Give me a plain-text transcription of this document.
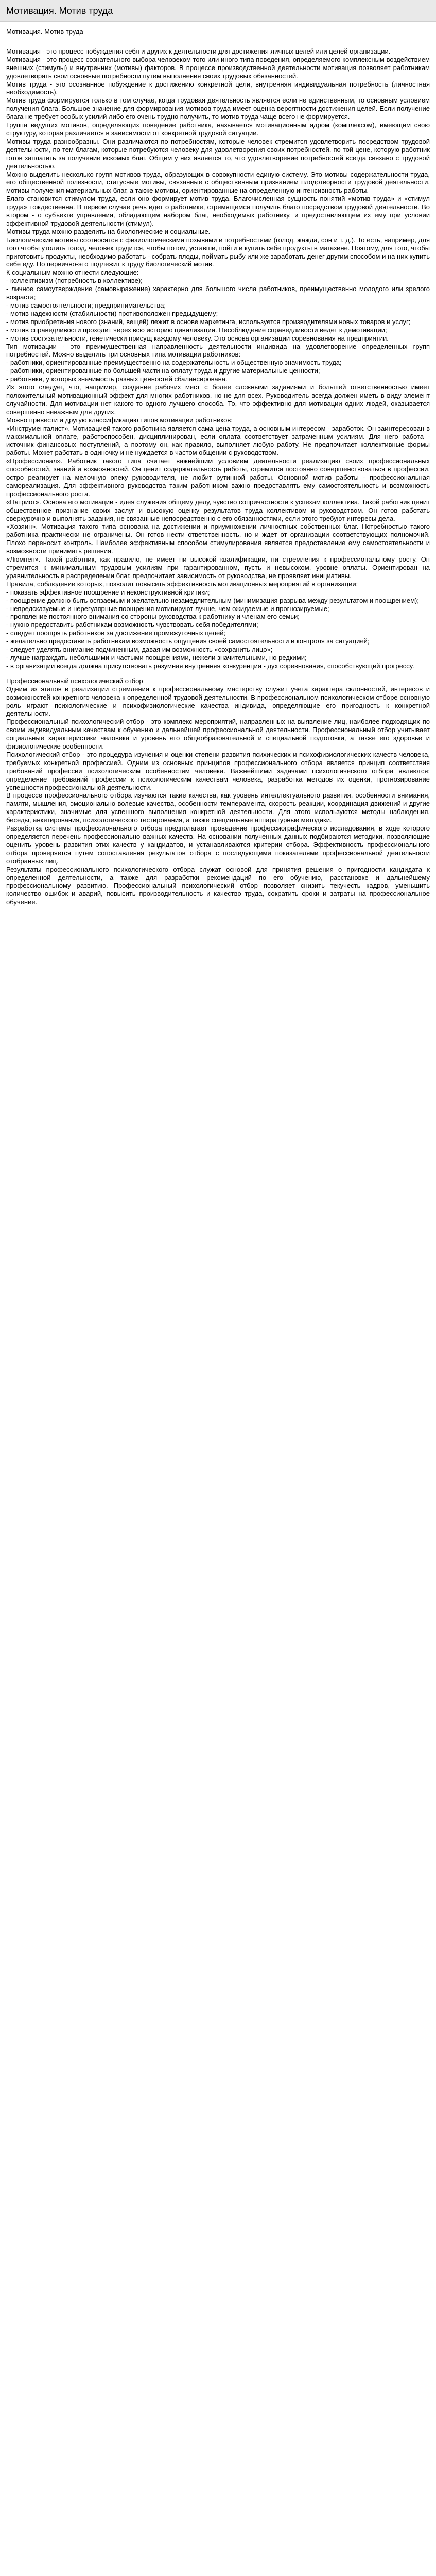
Мотивация. Мотив труда
Мотивация. Мотив труда

Мотивация - это процесс побуждения себя и других к деятельности для достижения личных целей или целей организации.

Мотивация - это процесс сознательного выбора человеком того или иного типа поведения, определяемого комплексным воздействием внешних (стимулы) и внутренних (мотивы) факторов. В процессе производственной деятельности мотивация позволяет работникам удовлетворять свои основные потребности путем выполнения своих трудовых обязанностей.

Мотив труда - это осознанное побуждение к достижению конкретной цели, внутренняя индивидуальная потребность (личностная необходимость).

Мотив труда формируется только в том случае, когда трудовая деятельность является если не единственным, то основным условием получения блага. Большое значение для формирования мотивов труда имеет оценка вероятности достижения целей. Если получение блага не требует особых усилий либо его очень трудно получить, то мотив труда чаще всего не формируется.

Группа ведущих мотивов, определяющих поведение работника, называется мотивационным ядром (комплексом), имеющим свою структуру, которая различается в зависимости от конкретной трудовой ситуации.

Мотивы труда разнообразны. Они различаются по потребностям, которые человек стремится удовлетворить посредством трудовой деятельности, по тем благам, которые потребуются человеку для удовлетворения своих потребностей, по той цене, которую работник готов заплатить за получение искомых благ. Общим у них является то, что удовлетворение потребностей всегда связано с трудовой деятельностью.

Можно выделить несколько групп мотивов труда, образующих в совокупности единую систему. Это мотивы содержательности труда, его общественной полезности, статусные мотивы, связанные с общественным признанием плодотворности трудовой деятельности, мотивы получения материальных благ, а также мотивы, ориентированные на определенную интенсивность работы.

Благо становится стимулом труда, если оно формирует мотив труда. Благочисленная сущность понятий «мотив труда» и «стимул труда» тождественна. В первом случае речь идет о работнике, стремящемся получить благо посредством трудовой деятельности. Во втором - о субъекте управления, обладающем набором благ, необходимых работнику, и предоставляющем их ему при условии эффективной трудовой деятельности (стимул).

Мотивы труда можно разделить на биологические и социальные.

Биологические мотивы соотносятся с физиологическими позывами и потребностями (голод, жажда, сон и т. д.). То есть, например, для того чтобы утолить голод, человек трудится, чтобы потом, уставши, пойти и купить себе продукты в магазине. Поэтому, для того, чтобы приготовить продукты, необходимо работать - собрать плоды, поймать рыбу или же заработать денег другим способом и на них купить себе еду. Но первично-это подлежит к труду биологический мотив.

К социальным можно отнести следующие:

- коллективизм (потребность в коллективе);

- личное самоутверждение (самовыражение) характерно для большого числа работников, преимущественно молодого или зрелого возраста;

- мотив самостоятельности; предпринимательства;

- мотив надежности (стабильности) противоположен предыдущему;

- мотив приобретения нового (знаний, вещей) лежит в основе маркетинга, используется производителями новых товаров и услуг;

- мотив справедливости проходит через всю историю цивилизации. Несоблюдение справедливости ведет к демотивации;

- мотив состязательности, генетически присущ каждому человеку. Это основа организации соревнования на предприятии.

Тип мотивации - это преимущественная направленность деятельности индивида на удовлетворение определенных групп потребностей. Можно выделить три основных типа мотивации работников:

- работники, ориентированные преимущественно на содержательность и общественную значимость труда;

- работники, ориентированные по большей части на оплату труда и другие материальные ценности;

- работники, у которых значимость разных ценностей сбалансирована.

Из этого следует, что, например, создание рабочих мест с более сложными заданиями и большей ответственностью имеет положительный мотивационный эффект для многих работников, но не для всех. Руководитель всегда должен иметь в виду элемент случайности. Для мотивации нет какого-то одного лучшего способа. То, что эффективно для мотивации одних людей, оказывается совершенно неважным для других.

Можно привести и другую классификацию типов мотивации работников:

«Инструменталист». Мотивацией такого работника является сама цена труда, а основным интересом - заработок. Он заинтересован в максимальной оплате, работоспособен, дисциплинирован, если оплата соответствует затраченным усилиям. Для него работа - источник финансовых поступлений, а поэтому он, как правило, выполняет любую работу. Не предпочитает коллективные формы работы. Может работать в одиночку и не нуждается в частом общении с руководством.

«Профессионал». Работник такого типа считает важнейшим условием деятельности реализацию своих профессиональных способностей, знаний и возможностей. Он ценит содержательность работы, стремится постоянно совершенствоваться в профессии, остро реагирует на мелочную опеку руководителя, не любит рутинной работы. Основной мотив работы - профессиональная самореализация. Для эффективного руководства таким работником важно предоставлять ему самостоятельность и возможность профессионального роста.

«Патриот». Основа его мотивации - идея служения общему делу, чувство сопричастности к успехам коллектива. Такой работник ценит общественное признание своих заслуг и высокую оценку результатов труда коллективом и руководством. Он готов работать сверхурочно и выполнять задания, не связанные непосредственно с его обязанностями, если этого требуют интересы дела.

«Хозяин». Мотивация такого типа основана на достижении и приумножении личностных собственных благ. Потребностью такого работника практически не ограничены. Он готов нести ответственность, но и ждет от организации соответствующих полномочий. Плохо переносит контроль. Наиболее эффективным способом стимулирования является предоставление ему самостоятельности и возможности принимать решения.

«Люмпен». Такой работник, как правило, не имеет ни высокой квалификации, ни стремления к профессиональному росту. Он стремится к минимальным трудовым усилиям при гарантированном, пусть и невысоком, уровне оплаты. Ориентирован на уравнительность в распределении благ, предпочитает зависимость от руководства, не проявляет инициативы.

Правила, соблюдение которых, позволит повысить эффективность мотивационных мероприятий в организации:

- показать эффективное поощрение и неконструктивной критики;

- поощрение должно быть осязаемым и желательно незамедлительным (минимизация разрыва между результатом и поощрением);

- непредсказуемые и нерегулярные поощрения мотивируют лучше, чем ожидаемые и прогнозируемые;

- проявление постоянного внимания со стороны руководства к работнику и членам его семьи;

- нужно предоставить работникам возможность чувствовать себя победителями;

- следует поощрять работников за достижение промежуточных целей;

- желательно предоставить работникам возможность ощущения своей самостоятельности и контроля за ситуацией;

- следует уделять внимание подчиненным, давая им возможность «сохранить лицо»;

- лучше награждать небольшими и частыми поощрениями, нежели значительными, но редкими;

- в организации всегда должна присутствовать разумная внутренняя конкуренция - дух соревнования, способствующий прогрессу.

Профессиональный психологический отбор

Одним из этапов в реализации стремления к профессиональному мастерству служит учета характера склонностей, интересов и возможностей конкретного человека к определенной трудовой деятельности. В профессиональном психологическом отборе основную роль играют психологические и психофизиологические качества индивида, определяющие его пригодность к конкретной деятельности.

Профессиональный психологический отбор - это комплекс мероприятий, направленных на выявление лиц, наиболее подходящих по своим индивидуальным качествам к обучению и дальнейшей профессиональной деятельности. Профессиональный отбор учитывает социальные характеристики человека и уровень его общеобразовательной и специальной подготовки, а также его здоровье и физиологические особенности.

Психологический отбор - это процедура изучения и оценки степени развития психических и психофизиологических качеств человека, требуемых конкретной профессией. Одним из основных принципов профессионального отбора является принцип соответствия требований профессии психологическим особенностям человека. Важнейшими задачами психологического отбора являются: определение требований профессии к психологическим качествам человека, разработка методов их оценки, прогнозирование успешности профессиональной деятельности.

В процессе профессионального отбора изучаются такие качества, как уровень интеллектуального развития, особенности внимания, памяти, мышления, эмоционально-волевые качества, особенности темперамента, скорость реакции, координация движений и другие характеристики, значимые для успешного выполнения конкретной деятельности. Для этого используются методы наблюдения, беседы, анкетирования, психологического тестирования, а также специальные аппаратурные методики.

Разработка системы профессионального отбора предполагает проведение профессиографического исследования, в ходе которого определяется перечень профессионально важных качеств. На основании полученных данных подбираются методики, позволяющие оценить уровень развития этих качеств у кандидатов, и устанавливаются критерии отбора. Эффективность профессионального отбора проверяется путем сопоставления результатов отбора с последующими показателями профессиональной деятельности отобранных лиц.

Результаты профессионального психологического отбора служат основой для принятия решения о пригодности кандидата к определенной деятельности, а также для разработки рекомендаций по его обучению, расстановке и дальнейшему профессиональному развитию. Профессиональный психологический отбор позволяет снизить текучесть кадров, уменьшить количество ошибок и аварий, повысить производительность и качество труда, сократить сроки и затраты на профессиональное обучение.
